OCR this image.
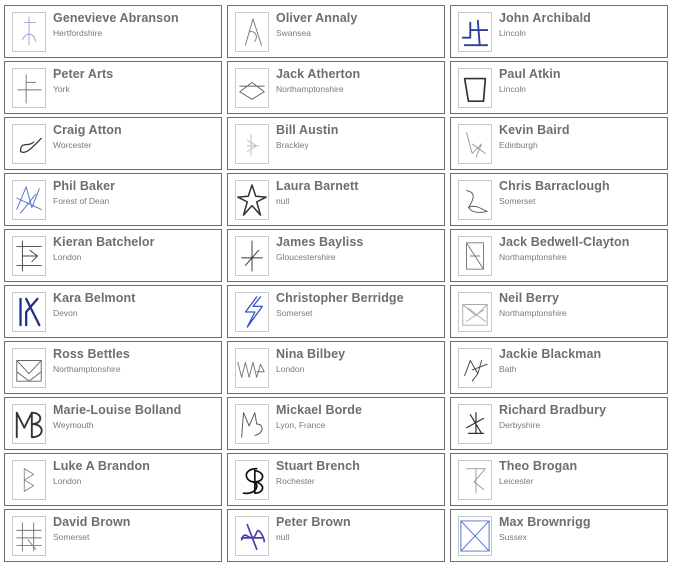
Genevieve Abranson
Hertfordshire
Oliver Annaly
Swansea
John Archibald
Lincoln
Peter Arts
York
Jack Atherton
Northamptonshire
Paul Atkin
Lincoln
Craig Atton
Worcester
Bill Austin
Brackley
Kevin Baird
Edinburgh
Phil Baker
Forest of Dean
Laura Barnett
null
Chris Barraclough
Somerset
Kieran Batchelor
London
James Bayliss
Gloucestershire
Jack Bedwell-Clayton
Northamptonshire
Kara Belmont
Devon
Christopher Berridge
Somerset
Neil Berry
Northamptonshire
Ross Bettles
Northamptonshire
Nina Bilbey
London
Jackie Blackman
Bath
Marie-Louise Bolland
Weymouth
Mickael Borde
Lyon, France
Richard Bradbury
Derbyshire
Luke A Brandon
London
Stuart Brench
Rochester
Theo Brogan
Leicester
David Brown
Somerset
Peter Brown
null
Max Brownrigg
Sussex
